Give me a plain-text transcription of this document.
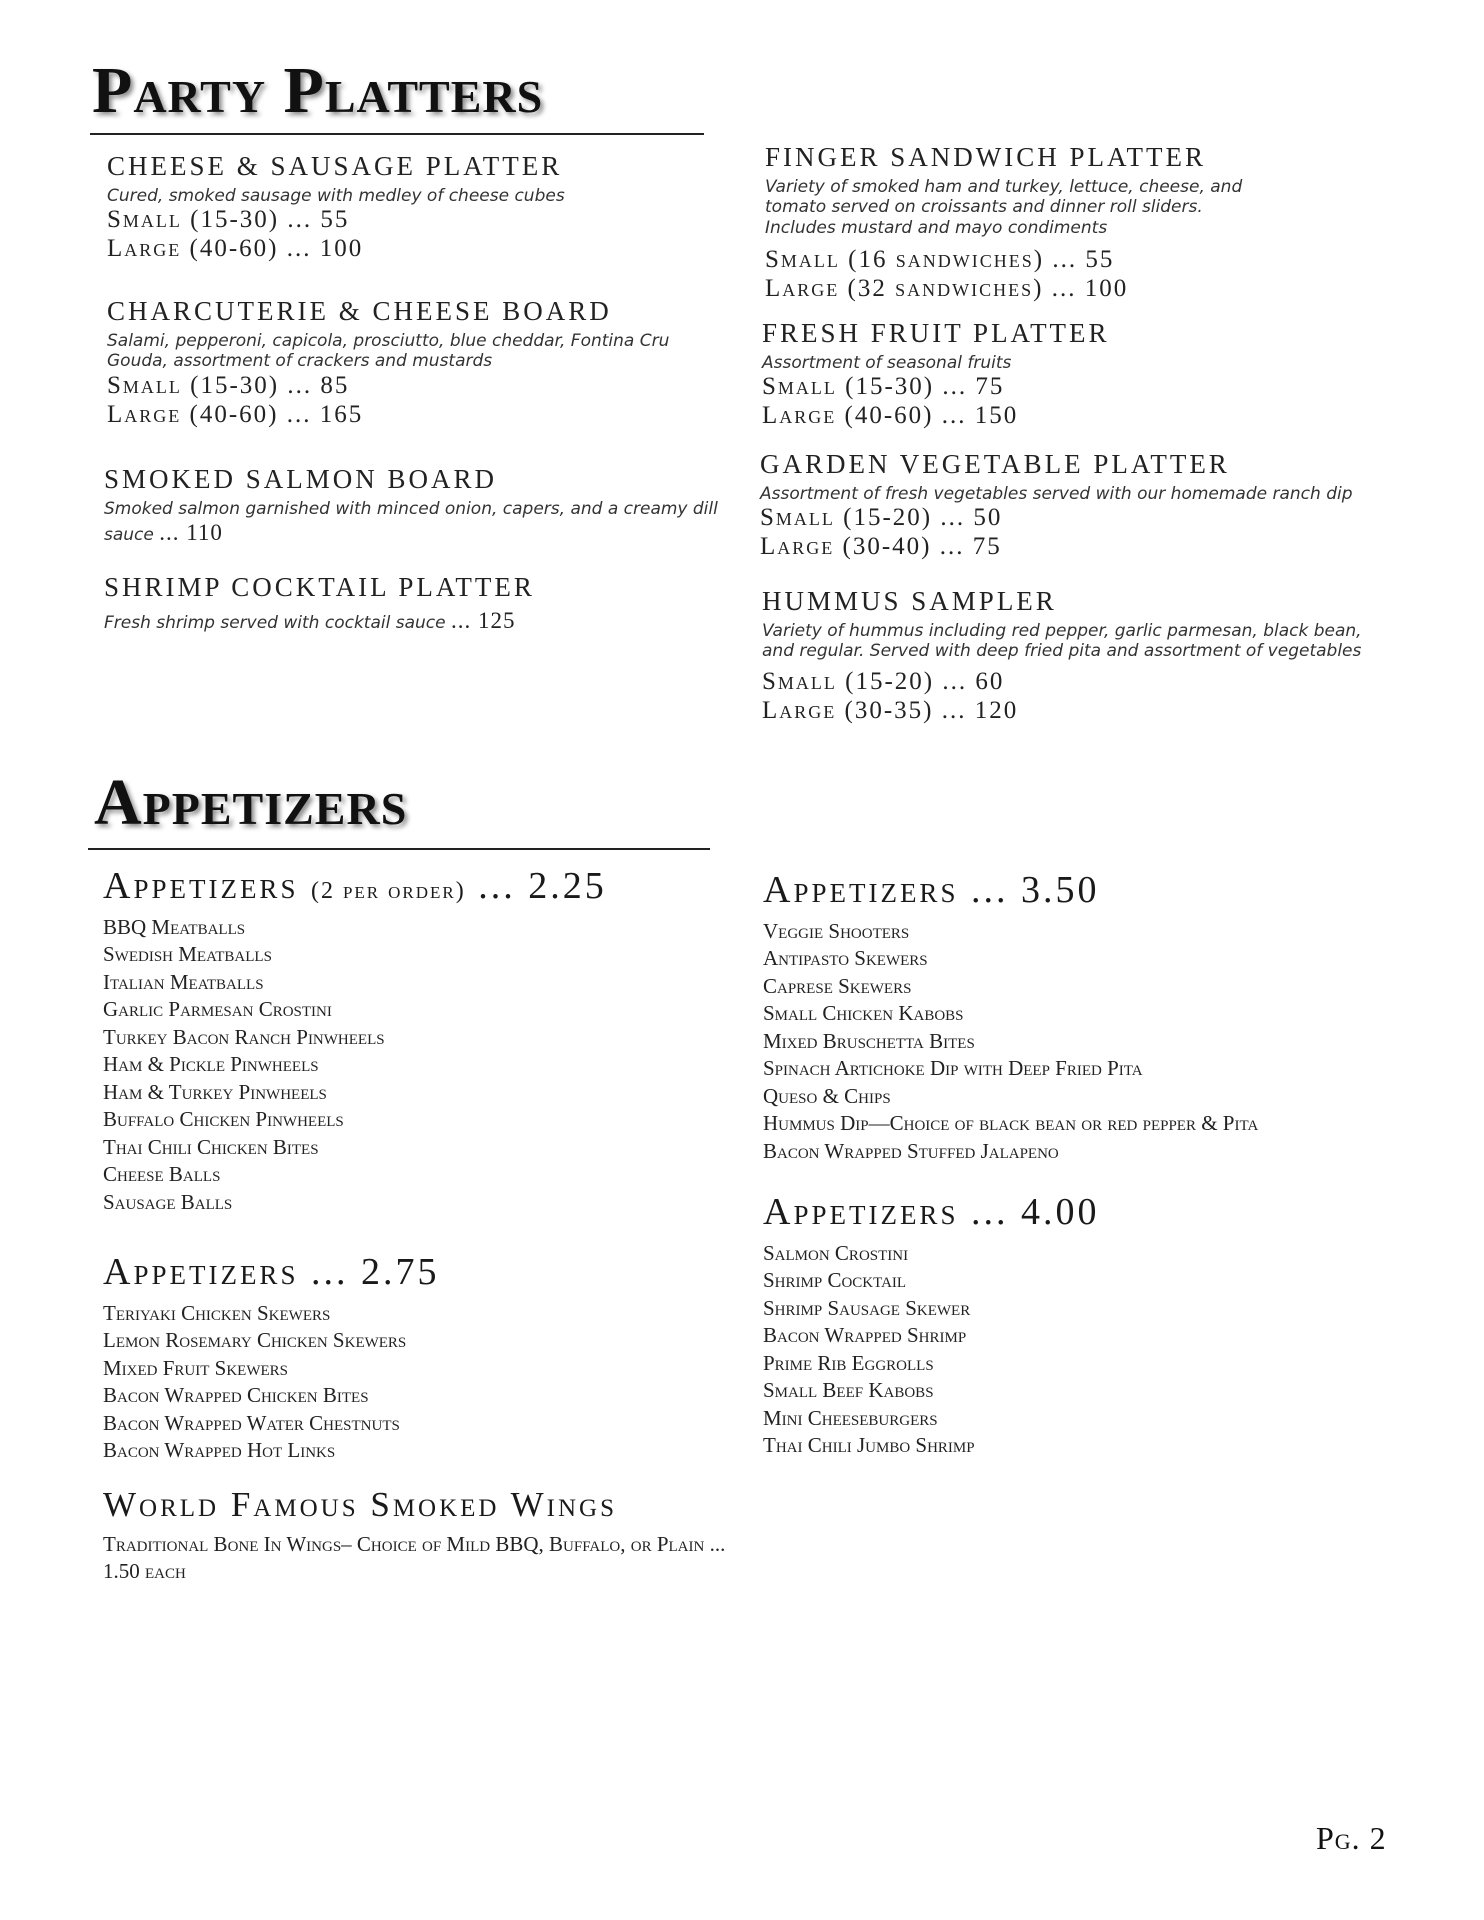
Party Platters
CHEESE & SAUSAGE PLATTER
Cured, smoked sausage with medley of cheese cubes
Small (15-30) ... 55
Large (40-60) ... 100
CHARCUTERIE & CHEESE BOARD
Salami, pepperoni, capicola, prosciutto, blue cheddar, Fontina Cru Gouda, assortment of crackers and mustards
Small (15-30) ... 85
Large (40-60) ... 165
SMOKED SALMON BOARD
Smoked salmon garnished with minced onion, capers, and a creamy dill sauce ... 110
SHRIMP COCKTAIL PLATTER
Fresh shrimp served with cocktail sauce ... 125
FINGER SANDWICH PLATTER
Variety of smoked ham and turkey, lettuce, cheese, and tomato served on croissants and dinner roll sliders. Includes mustard and mayo condiments
Small (16 sandwiches) ... 55
Large (32 sandwiches) ... 100
FRESH FRUIT PLATTER
Assortment of seasonal fruits
Small (15-30) ... 75
Large (40-60) ... 150
GARDEN VEGETABLE PLATTER
Assortment of fresh vegetables served with our homemade ranch dip
Small (15-20) ... 50
Large (30-40) ... 75
HUMMUS SAMPLER
Variety of hummus including red pepper, garlic parmesan, black bean, and regular. Served with deep fried pita and assortment of vegetables
Small (15-20) ... 60
Large (30-35) ... 120
Appetizers
Appetizers (2 per order) ... 2.25
BBQ Meatballs
Swedish Meatballs
Italian Meatballs
Garlic Parmesan Crostini
Turkey Bacon Ranch Pinwheels
Ham & Pickle Pinwheels
Ham & Turkey Pinwheels
Buffalo Chicken Pinwheels
Thai Chili Chicken Bites
Cheese Balls
Sausage Balls
Appetizers ... 2.75
Teriyaki Chicken Skewers
Lemon Rosemary Chicken Skewers
Mixed Fruit Skewers
Bacon Wrapped Chicken Bites
Bacon Wrapped Water Chestnuts
Bacon Wrapped Hot Links
World Famous Smoked Wings
Traditional Bone In Wings– Choice of Mild BBQ, Buffalo, or Plain ... 1.50 each
Appetizers ... 3.50
Veggie Shooters
Antipasto Skewers
Caprese Skewers
Small Chicken Kabobs
Mixed Bruschetta Bites
Spinach Artichoke Dip with Deep Fried Pita
Queso & Chips
Hummus Dip—Choice of black bean or red pepper & Pita
Bacon Wrapped Stuffed Jalapeno
Appetizers ... 4.00
Salmon Crostini
Shrimp Cocktail
Shrimp Sausage Skewer
Bacon Wrapped Shrimp
Prime Rib Eggrolls
Small Beef Kabobs
Mini Cheeseburgers
Thai Chili Jumbo Shrimp
Pg. 2
